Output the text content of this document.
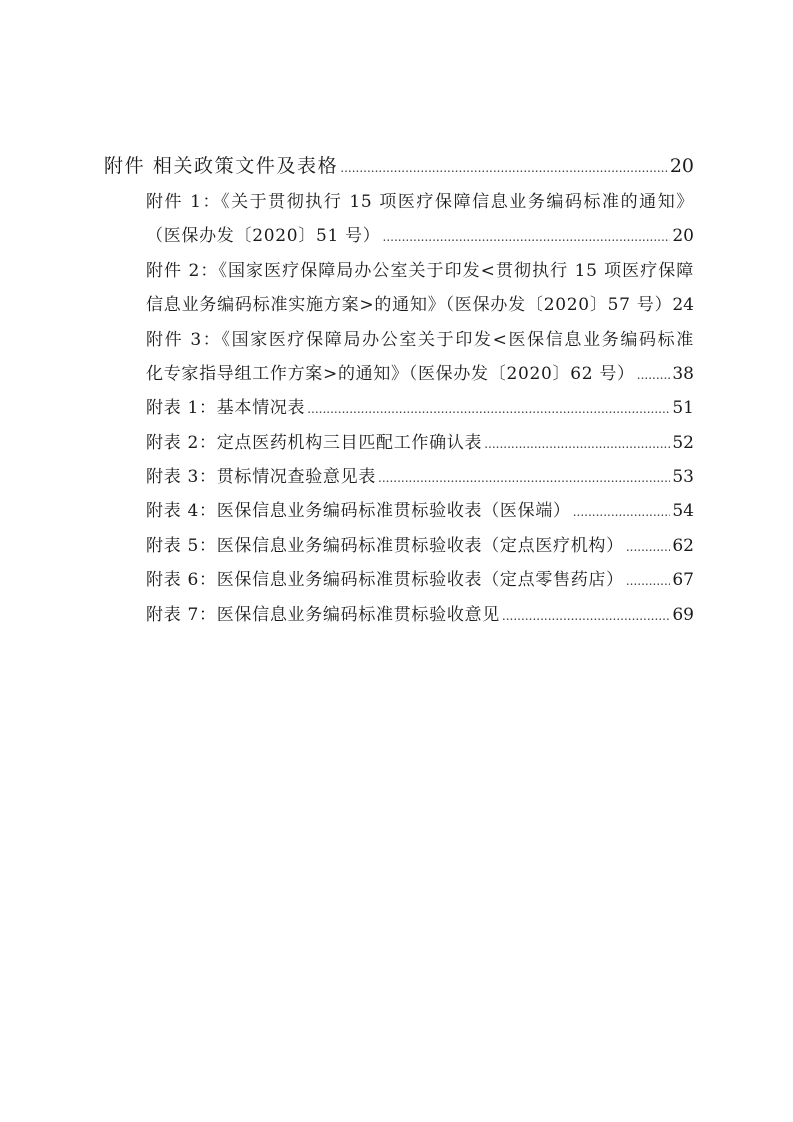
附件 相关政策文件及表格 .....	20
附件 1：《关于贯彻执行 15 项医疗保障信息业务编码标准的通知》
（医保办发〔2020〕51 号） .....	20
附件 2：《国家医疗保障局办公室关于印发<贯彻执行 15 项医疗保障
信息业务编码标准实施方案>的通知》（医保办发〔2020〕57 号） 24
附件 3：《国家医疗保障局办公室关于印发<医保信息业务编码标准
化专家指导组工作方案>的通知》（医保办发〔2020〕62 号） ..... 38
附表 1：基本情况表 .....	51
附表 2：定点医药机构三目匹配工作确认表 .....	52
附表 3：贯标情况查验意见表 .....	53
附表 4：医保信息业务编码标准贯标验收表（医保端） .....	54
附表 5：医保信息业务编码标准贯标验收表（定点医疗机构） .....	62
附表 6：医保信息业务编码标准贯标验收表（定点零售药店） .....	67
附表 7：医保信息业务编码标准贯标验收意见 .....	69
